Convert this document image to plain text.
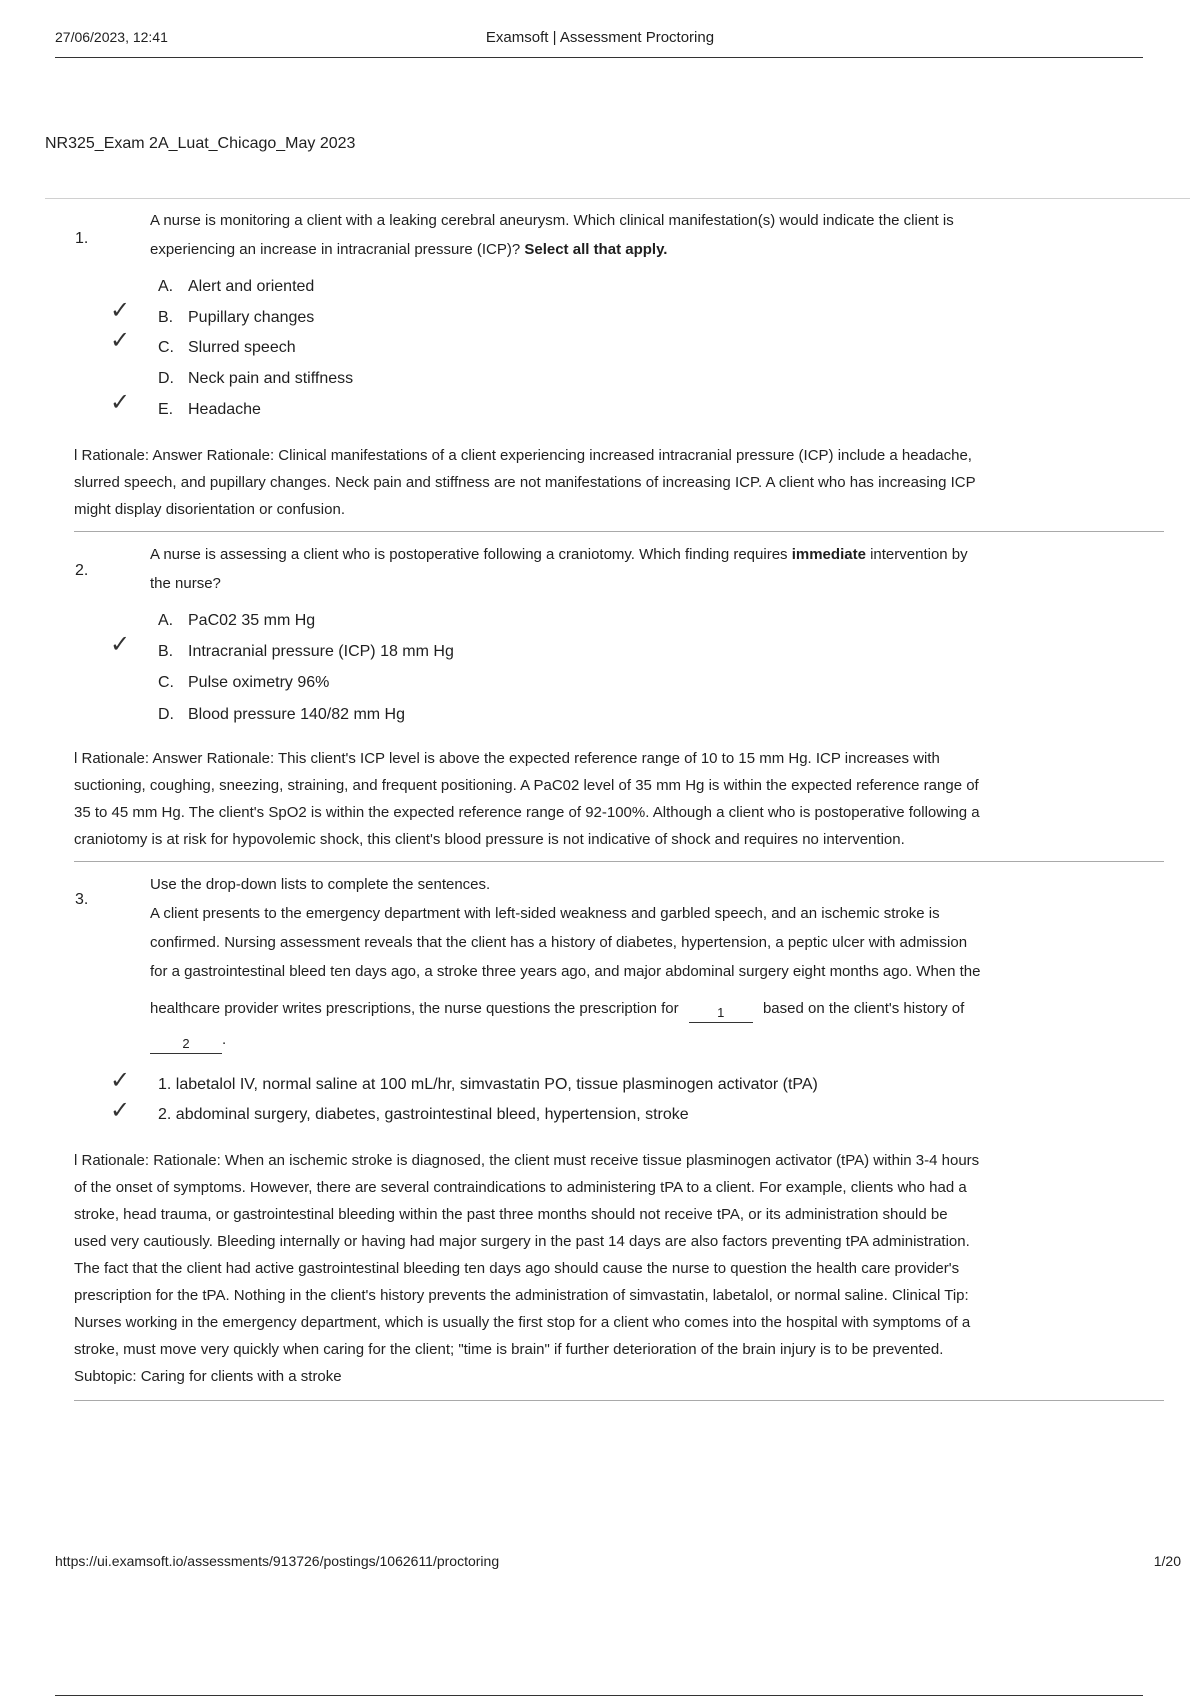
27/06/2023, 12:41	Examsoft | Assessment Proctoring
NR325_Exam 2A_Luat_Chicago_May 2023
1.
A nurse is monitoring a client with a leaking cerebral aneurysm. Which clinical manifestation(s) would indicate the client is
experiencing an increase in intracranial pressure (ICP)? Select all that apply.
A. Alert and oriented
✓ B. Pupillary changes
✓ C. Slurred speech
D. Neck pain and stiffness
✓ E. Headache
l Rationale: Answer Rationale: Clinical manifestations of a client experiencing increased intracranial pressure (ICP) include a headache,
slurred speech, and pupillary changes. Neck pain and stiffness are not manifestations of increasing ICP. A client who has increasing ICP
might display disorientation or confusion.
2.
A nurse is assessing a client who is postoperative following a craniotomy. Which finding requires immediate intervention by
the nurse?
A. PaC02 35 mm Hg
✓ B. Intracranial pressure (ICP) 18 mm Hg
C. Pulse oximetry 96%
D. Blood pressure 140/82 mm Hg
l Rationale: Answer Rationale: This client's ICP level is above the expected reference range of 10 to 15 mm Hg. ICP increases with
suctioning, coughing, sneezing, straining, and frequent positioning. A PaC02 level of 35 mm Hg is within the expected reference range of
35 to 45 mm Hg. The client's SpO2 is within the expected reference range of 92-100%. Although a client who is postoperative following a
craniotomy is at risk for hypovolemic shock, this client's blood pressure is not indicative of shock and requires no intervention.
3.
Use the drop-down lists to complete the sentences.
A client presents to the emergency department with left-sided weakness and garbled speech, and an ischemic stroke is
confirmed. Nursing assessment reveals that the client has a history of diabetes, hypertension, a peptic ulcer with admission
for a gastrointestinal bleed ten days ago, a stroke three years ago, and major abdominal surgery eight months ago. When the
healthcare provider writes prescriptions, the nurse questions the prescription for	1	based on the client's history of
2 .
✓ 1. labetalol IV, normal saline at 100 mL/hr, simvastatin PO, tissue plasminogen activator (tPA)
✓ 2. abdominal surgery, diabetes, gastrointestinal bleed, hypertension, stroke
l Rationale: Rationale: When an ischemic stroke is diagnosed, the client must receive tissue plasminogen activator (tPA) within 3-4 hours
of the onset of symptoms. However, there are several contraindications to administering tPA to a client. For example, clients who had a
stroke, head trauma, or gastrointestinal bleeding within the past three months should not receive tPA, or its administration should be
used very cautiously. Bleeding internally or having had major surgery in the past 14 days are also factors preventing tPA administration.
The fact that the client had active gastrointestinal bleeding ten days ago should cause the nurse to question the health care provider's
prescription for the tPA. Nothing in the client's history prevents the administration of simvastatin, labetalol, or normal saline. Clinical Tip:
Nurses working in the emergency department, which is usually the first stop for a client who comes into the hospital with symptoms of a
stroke, must move very quickly when caring for the client; "time is brain" if further deterioration of the brain injury is to be prevented.
Subtopic: Caring for clients with a stroke
https://ui.examsoft.io/assessments/913726/postings/1062611/proctoring	1/20
